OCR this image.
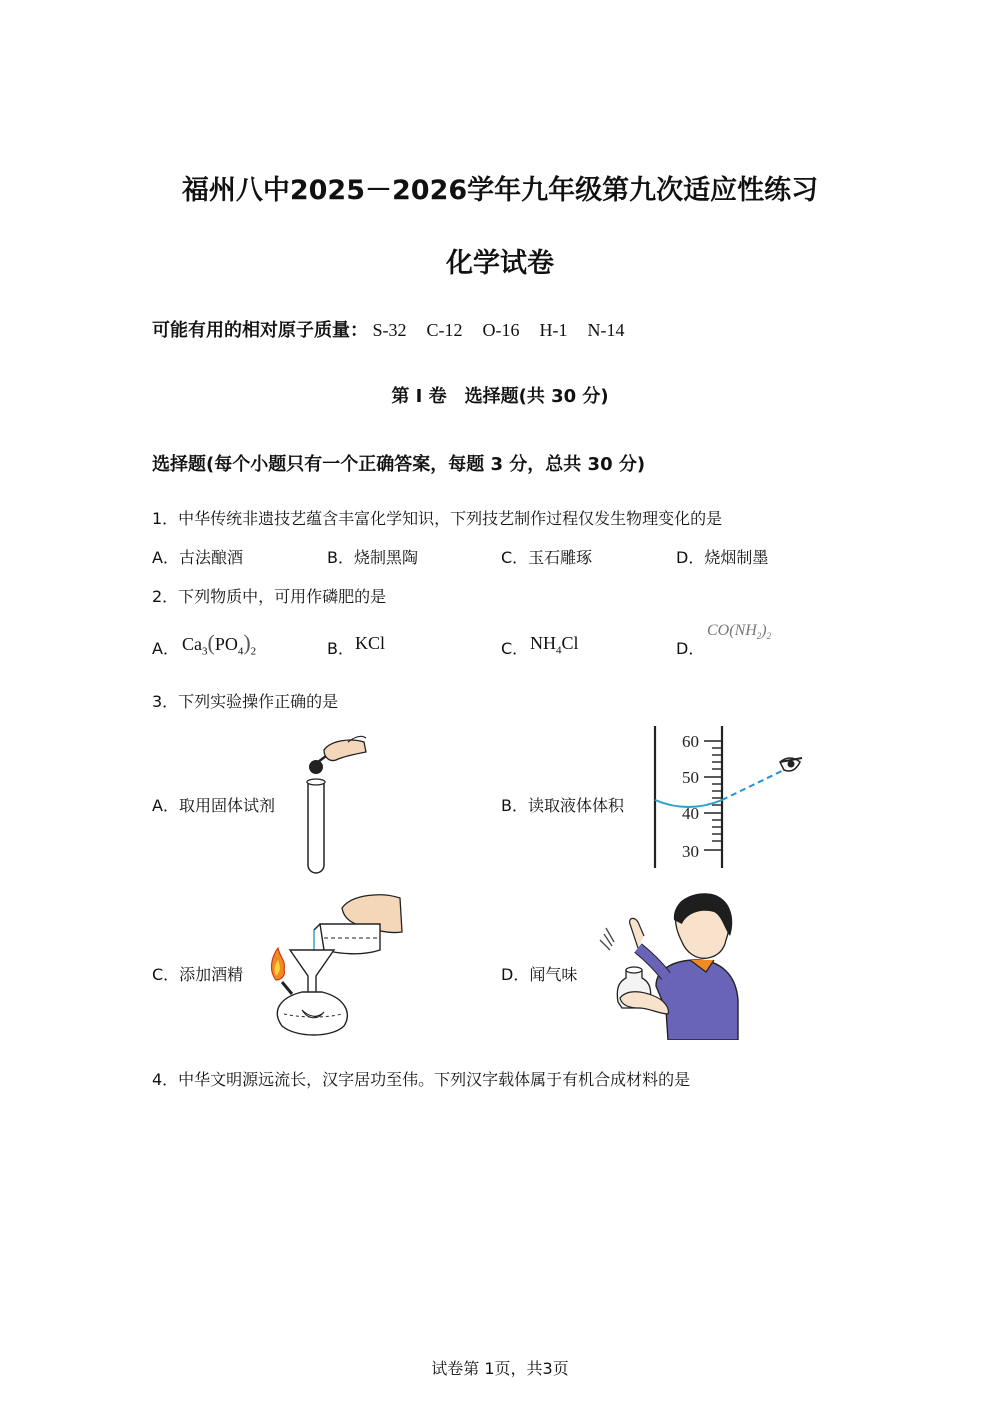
福州八中2025－2026学年九年级第九次适应性练习
化学试卷
可能有用的相对原子质量： S-32 C-12 O-16 H-1 N-14
第 I 卷　选择题(共 30 分)
选择题(每个小题只有一个正确答案，每题 3 分，总共 30 分)
1．中华传统非遗技艺蕴含丰富化学知识，下列技艺制作过程仅发生物理变化的是
A．古法酿酒	B．烧制黑陶	C．玉石雕琢	D．烧烟制墨
2．下列物质中，可用作磷肥的是
A． $Ca_3(PO_4)_2$	B． KCl	C． $NH_4Cl$	D．
$CO(NH_2)_2$
3．下列实验操作正确的是
A．取用固体试剂	B．读取液体体积
C．添加酒精	D．闻气味
60
50
40
30
4．中华文明源远流长，汉字居功至伟。下列汉字载体属于有机合成材料的是
试卷第 1页，共3页
